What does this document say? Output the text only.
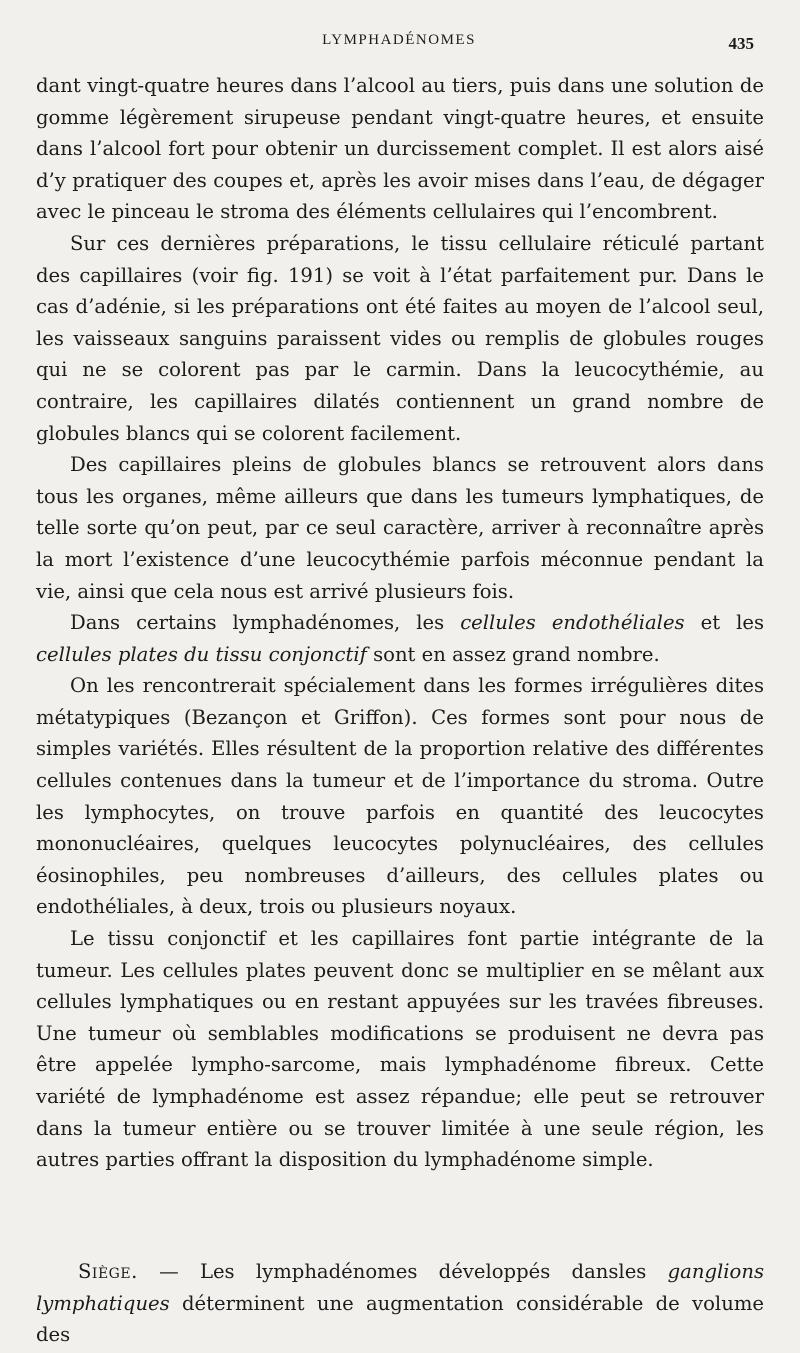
LYMPHADÉNOMES	435

dant vingt-quatre heures dans l’alcool au tiers, puis dans une solution de gomme légèrement sirupeuse pendant vingt-quatre heures, et ensuite dans l’alcool fort pour obtenir un durcissement complet. Il est alors aisé d’y pratiquer des coupes et, après les avoir mises dans l’eau, de dégager avec le pinceau le stroma des éléments cellulaires qui l’encombrent.

Sur ces dernières préparations, le tissu cellulaire réticulé partant des capillaires (voir fig. 191) se voit à l’état parfaitement pur. Dans le cas d’adénie, si les préparations ont été faites au moyen de l’alcool seul, les vaisseaux sanguins paraissent vides ou remplis de globules rouges qui ne se colorent pas par le carmin. Dans la leucocythémie, au contraire, les capillaires dilatés contiennent un grand nombre de globules blancs qui se colorent facilement.

Des capillaires pleins de globules blancs se retrouvent alors dans tous les organes, même ailleurs que dans les tumeurs lymphatiques, de telle sorte qu’on peut, par ce seul caractère, arriver à reconnaître après la mort l’existence d’une leucocythémie parfois méconnue pendant la vie, ainsi que cela nous est arrivé plusieurs fois.

Dans certains lymphadénomes, les cellules endothéliales et les cellules plates du tissu conjonctif sont en assez grand nombre.

On les rencontrerait spécialement dans les formes irrégulières dites métatypiques (Bezançon et Griffon). Ces formes sont pour nous de simples variétés. Elles résultent de la proportion relative des différentes cellules contenues dans la tumeur et de l’importance du stroma. Outre les lymphocytes, on trouve parfois en quantité des leucocytes mononucléaires, quelques leucocytes polynucléaires, des cellules éosinophiles, peu nombreuses d’ailleurs, des cellules plates ou endothéliales, à deux, trois ou plusieurs noyaux.

Le tissu conjonctif et les capillaires font partie intégrante de la tumeur. Les cellules plates peuvent donc se multiplier en se mêlant aux cellules lymphatiques ou en restant appuyées sur les travées fibreuses. Une tumeur où semblables modifications se produisent ne devra pas être appelée lympho-sarcome, mais lymphadénome fibreux. Cette variété de lymphadénome est assez répandue; elle peut se retrouver dans la tumeur entière ou se trouver limitée à une seule région, les autres parties offrant la disposition du lymphadénome simple.

Siège. — Les lymphadénomes développés dansles ganglions lymphatiques déterminent une augmentation considérable de volume des
